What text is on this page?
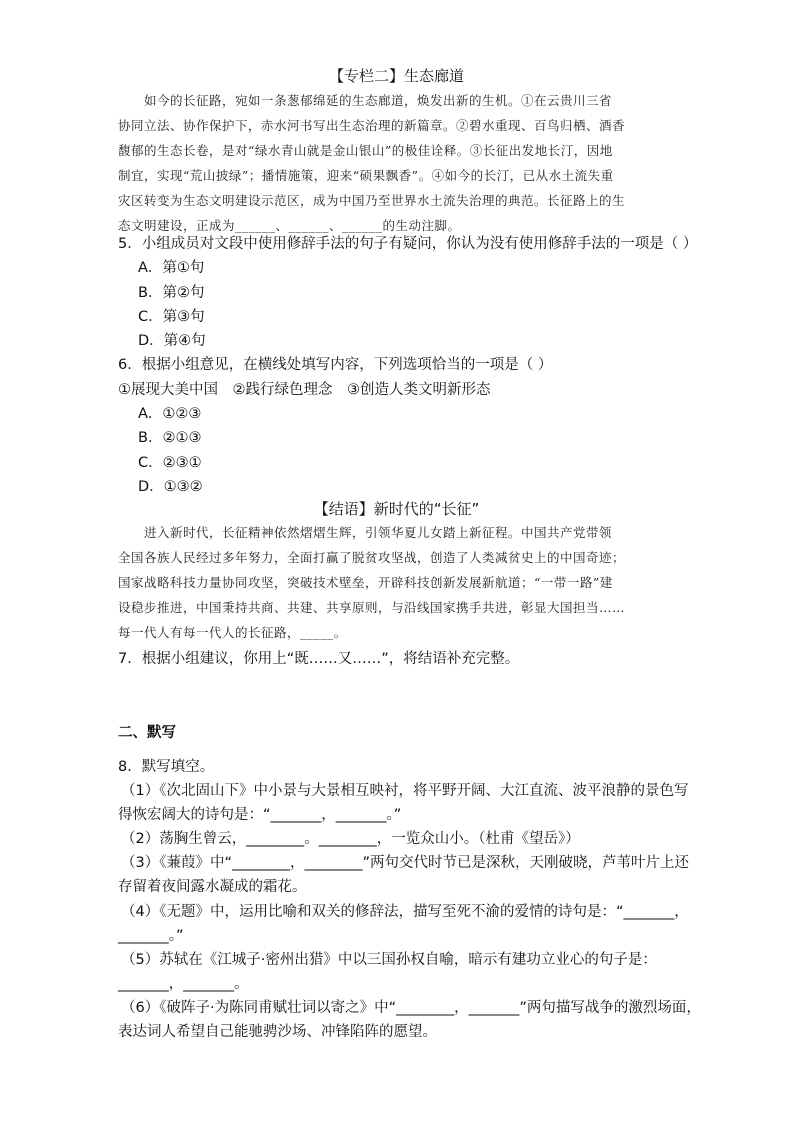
【专栏二】生态廊道
　　如今的长征路，宛如一条葱郁绵延的生态廊道，焕发出新的生机。①在云贵川三省
协同立法、协作保护下，赤水河书写出生态治理的新篇章。②碧水重现、百鸟归栖、酒香
馥郁的生态长卷，是对“绿水青山就是金山银山”的极佳诠释。③长征出发地长汀，因地
制宜，实现“荒山披绿”；播情施策，迎来“硕果飘香”。④如今的长汀，已从水土流失重
灾区转变为生态文明建设示范区，成为中国乃至世界水土流失治理的典范。长征路上的生
态文明建设，正成为______、______、______的生动注脚。
5．小组成员对文段中使用修辞手法的句子有疑问，你认为没有使用修辞手法的一项是（ ）
A．第①句
B．第②句
C．第③句
D．第④句
6．根据小组意见，在横线处填写内容，下列选项恰当的一项是（ ）
①展现大美中国　②践行绿色理念　③创造人类文明新形态
A．①②③
B．②①③
C．②③①
D．①③②
【结语】新时代的“长征”
　　进入新时代，长征精神依然熠熠生辉，引领华夏儿女踏上新征程。中国共产党带领
全国各族人民经过多年努力，全面打赢了脱贫攻坚战，创造了人类减贫史上的中国奇迹；
国家战略科技力量协同攻坚，突破技术壁垒，开辟科技创新发展新航道；“一带一路”建
设稳步推进，中国秉持共商、共建、共享原则，与沿线国家携手共进，彰显大国担当……
每一代人有每一代人的长征路，_____。
7．根据小组建议，你用上“既……又……”，将结语补充完整。
二、默写
8．默写填空。
（1）《次北固山下》中小景与大景相互映衬，将平野开阔、大江直流、波平浪静的景色写
得恢宏阔大的诗句是：“_______，_______。”
（2）荡胸生曾云，________。________，一览众山小。（杜甫《望岳》）
（3）《蒹葭》中“________，________”两句交代时节已是深秋，天刚破晓，芦苇叶片上还
存留着夜间露水凝成的霜花。
（4）《无题》中，运用比喻和双关的修辞法，描写至死不渝的爱情的诗句是：“_______，
_______。”
（5）苏轼在《江城子·密州出猎》中以三国孙权自喻，暗示有建功立业心的句子是：
_______，_______。
（6）《破阵子·为陈同甫赋壮词以寄之》中“________，_______”两句描写战争的激烈场面，
表达词人希望自己能驰骋沙场、冲锋陷阵的愿望。
